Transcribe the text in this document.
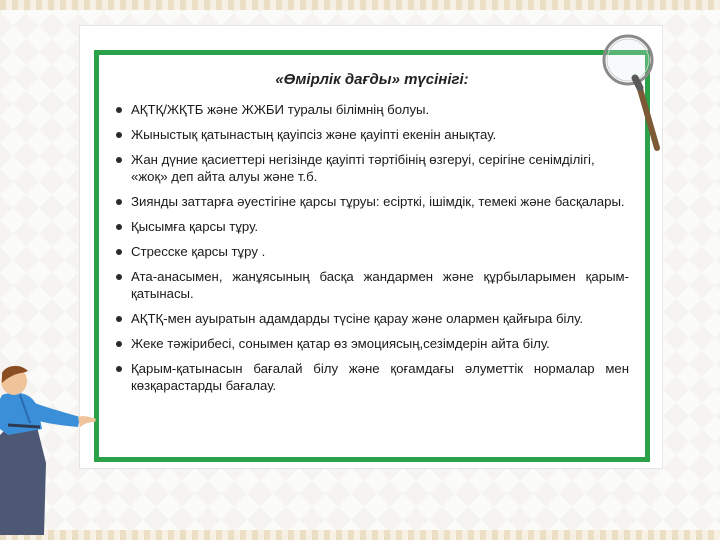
«Өмірлік дағды» түсінігі:
АҚТҚ/ЖҚТБ және ЖЖБИ туралы білімнің болуы.
Жыныстық қатынастың қауіпсіз және қауіпті екенін анықтау.
Жан дүние қасиеттері негізінде қауіпті тәртібінің өзгеруі, серігіне сенімділігі, «жоқ» деп айта алуы және т.б.
Зиянды заттарға әуестігіне қарсы тұруы: есірткі, ішімдік, темекі және басқалары.
Қысымға қарсы тұру.
Стресске қарсы тұру .
Ата-анасымен, жанұясының басқа жандармен және құрбыларымен қарым-қатынасы.
АҚТҚ-мен ауыратын адамдарды түсіне қарау және олармен қайғыра білу.
Жеке тәжірибесі, сонымен қатар өз эмоциясың,сезімдерін айта білу.
Қарым-қатынасын бағалай білу және қоғамдағы әлуметтік нормалар мен көзқарастарды бағалау.
